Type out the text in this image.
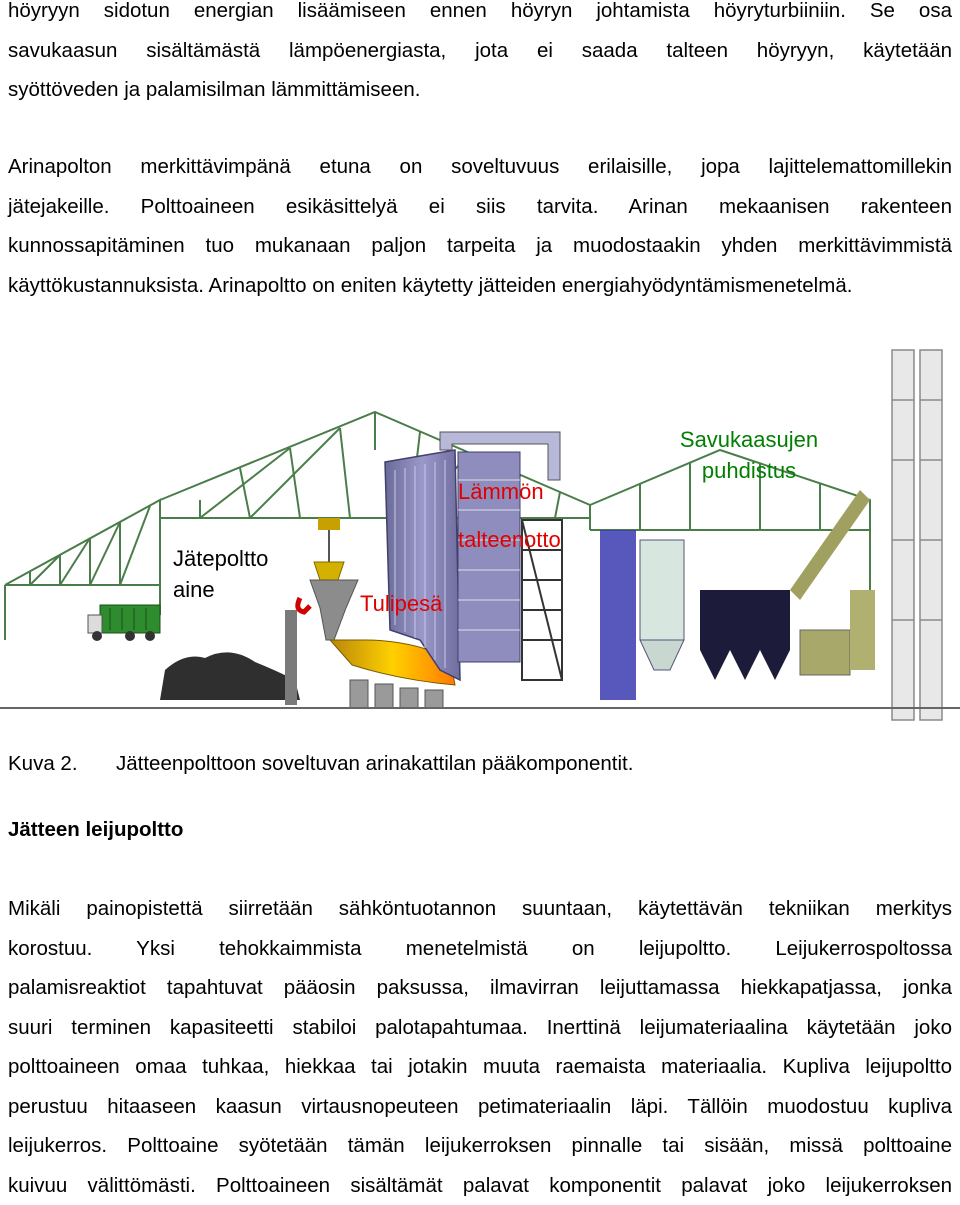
höyryyn sidotun energian lisäämiseen ennen höyryn johtamista höyryturbiiniin. Se osa
savukaasun sisältämästä lämpöenergiasta, jota ei saada talteen höyryyn, käytetään
syöttöveden ja palamisilman lämmittämiseen.
Arinapolton merkittävimpänä etuna on soveltuvuus erilaisille, jopa lajittelemattomillekin
jätejakeille. Polttoaineen esikäsittelyä ei siis tarvita. Arinan mekaanisen rakenteen
kunnossapitäminen tuo mukanaan paljon tarpeita ja muodostaakin yhden merkittävimmistä
käyttökustannuksista. Arinapoltto on eniten käytetty jätteiden energiahyödyntämismenetelmä.
Jätepoltto
aine
Tulipesä
Lämmön
talteenotto
Savukaasujen
puhdistus
Kuva 2. Jätteenpolttoon soveltuvan arinakattilan pääkomponentit.
Jätteen leijupoltto
Mikäli painopistettä siirretään sähköntuotannon suuntaan, käytettävän tekniikan merkitys
korostuu. Yksi tehokkaimmista menetelmistä on leijupoltto. Leijukerrospoltossa
palamisreaktiot tapahtuvat pääosin paksussa, ilmavirran leijuttamassa hiekkapatjassa, jonka
suuri terminen kapasiteetti stabiloi palotapahtumaa. Inerttinä leijumateriaalina käytetään joko
polttoaineen omaa tuhkaa, hiekkaa tai jotakin muuta raemaista materiaalia. Kupliva leijupoltto
perustuu hitaaseen kaasun virtausnopeuteen petimateriaalin läpi. Tällöin muodostuu kupliva
leijukerros. Polttoaine syötetään tämän leijukerroksen pinnalle tai sisään, missä polttoaine
kuivuu välittömästi. Polttoaineen sisältämät palavat komponentit palavat joko leijukerroksen
